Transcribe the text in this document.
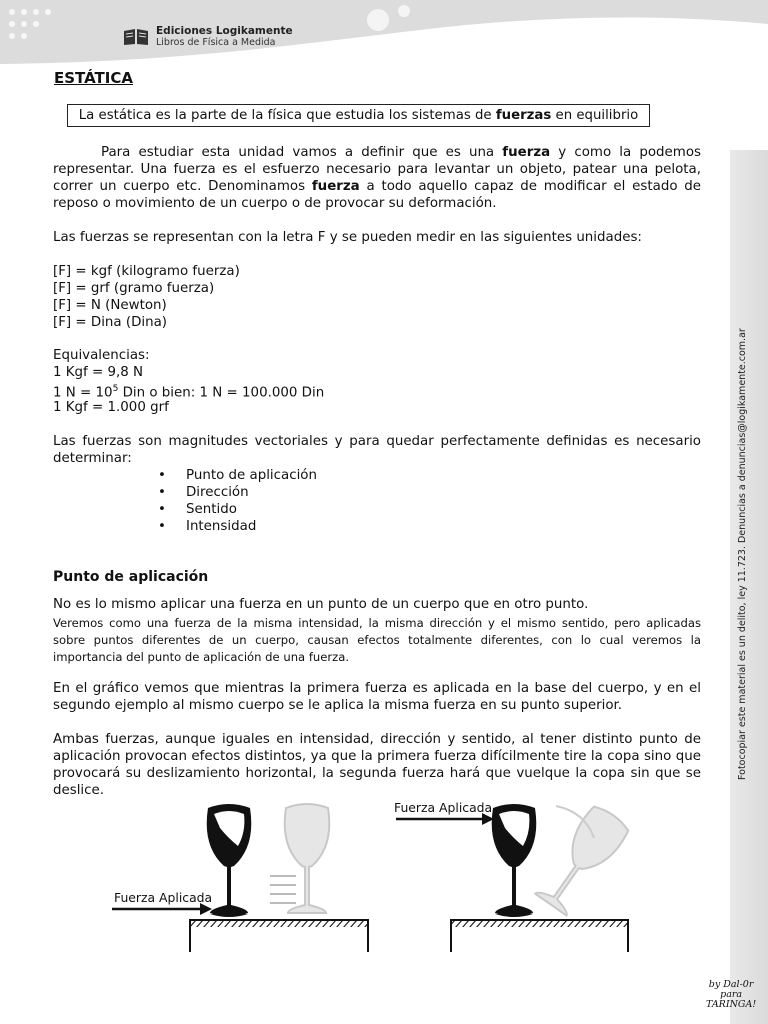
Ediciones Logikamente
Libros de Física a Medida
Fotocopiar este material es un delito, ley 11.723. Denuncias a denuncias@logikamente.com.ar
ESTÁTICA
La estática es la parte de la física que estudia los sistemas de fuerzas en equilibrio
Para estudiar esta unidad vamos a definir que es una fuerza y como la podemos representar. Una fuerza es el esfuerzo necesario para levantar un objeto, patear una pelota, correr un cuerpo etc. Denominamos fuerza a todo aquello capaz de modificar el estado de reposo o movimiento de un cuerpo o de provocar su deformación.
Las fuerzas se representan con la letra F y se pueden medir en las siguientes unidades:
[F] = kgf (kilogramo fuerza)
[F] = grf (gramo fuerza)
[F] = N (Newton)
[F] = Dina (Dina)
Equivalencias:
1 Kgf = 9,8 N
1 $N = 10^5$ Din o bien: 1 N = 100.000 Din
1 Kgf = 1.000 grf
Las fuerzas son magnitudes vectoriales y para quedar perfectamente definidas es necesario determinar:
• Punto de aplicación
• Dirección
• Sentido
• Intensidad
Punto de aplicación
No es lo mismo aplicar una fuerza en un punto de un cuerpo que en otro punto.
Veremos como una fuerza de la misma intensidad, la misma dirección y el mismo sentido, pero aplicadas sobre puntos diferentes de un cuerpo, causan efectos totalmente diferentes, con lo cual veremos la importancia del punto de aplicación de una fuerza.
En el gráfico vemos que mientras la primera fuerza es aplicada en la base del cuerpo, y en el segundo ejemplo al mismo cuerpo se le aplica la misma fuerza en su punto superior.
Ambas fuerzas, aunque iguales en intensidad, dirección y sentido, al tener distinto punto de aplicación provocan efectos distintos, ya que la primera fuerza difícilmente tire la copa sino que provocará su deslizamiento horizontal, la segunda fuerza hará que vuelque la copa sin que se deslice.
Fuerza Aplicada
Fuerza Aplicada
by Dal-0r
para
TARINGA!
